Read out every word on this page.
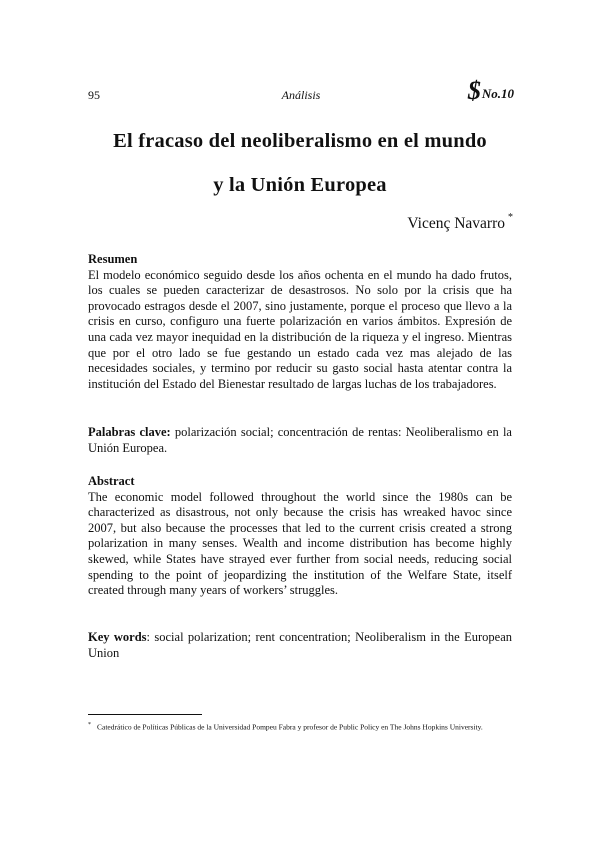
95	Análisis	$ No.10
El fracaso del neoliberalismo en el mundo
y la Unión Europea
Vicenç Navarro *
Resumen
El modelo económico seguido desde los años ochenta en el mundo ha dado frutos, los cuales se pueden caracterizar de desastrosos. No solo por la crisis que ha provocado estragos desde el 2007, sino justamente, porque el proceso que llevo a la crisis en curso, configuro una fuerte polarización en varios ámbitos. Expresión de una cada vez mayor inequidad en la distribución de la riqueza y el ingreso. Mientras que por el otro lado se fue gestando un estado cada vez mas alejado de las necesidades sociales, y termino por reducir su gasto social hasta atentar contra la institución del Estado del Bienestar resultado de largas luchas de los trabajadores.
Palabras clave: polarización social; concentración de rentas: Neoliberalismo en la Unión Europea.
Abstract
The economic model followed throughout the world since the 1980s can be characterized as disastrous, not only because the crisis has wreaked havoc since 2007, but also because the processes that led to the current crisis created a strong polarization in many senses. Wealth and income distribution has become highly skewed, while States have strayed ever further from social needs, reducing social spending to the point of jeopardizing the institution of the Welfare State, itself created through many years of workers’ struggles.
Key words: social polarization; rent concentration; Neoliberalism in the European Union
* Catedrático de Políticas Públicas de la Universidad Pompeu Fabra y profesor de Public Policy en The Johns Hopkins University.
